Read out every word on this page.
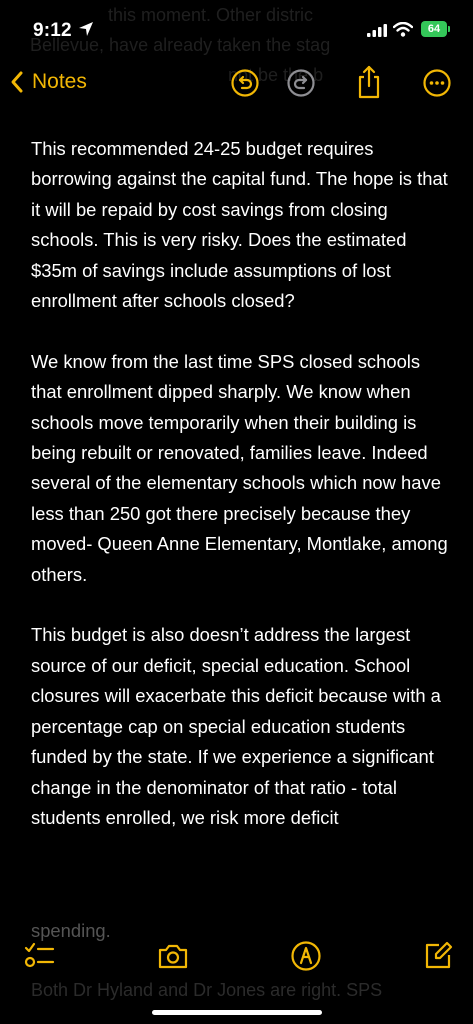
this moment. Other distric
Bellevue, have already taken the stag
not be the b
9:12	64
Notes

This recommended 24-25 budget requires borrowing against the capital fund. The hope is that it will be repaid by cost savings from closing schools. This is very risky. Does the estimated $35m of savings include assumptions of lost enrollment after schools closed?

We know from the last time SPS closed schools that enrollment dipped sharply. We know when schools move temporarily when their building is being rebuilt or renovated, families leave. Indeed several of the elementary schools which now have less than 250 got there precisely because they moved- Queen Anne Elementary, Montlake, among others.

This budget is also doesn’t address the largest source of our deficit, special education. School closures will exacerbate this deficit because with a percentage cap on special education students funded by the state. If we experience a significant change in the denominator of that ratio - total students enrolled, we risk more deficit

spending.
Both Dr Hyland and Dr Jones are right. SPS
